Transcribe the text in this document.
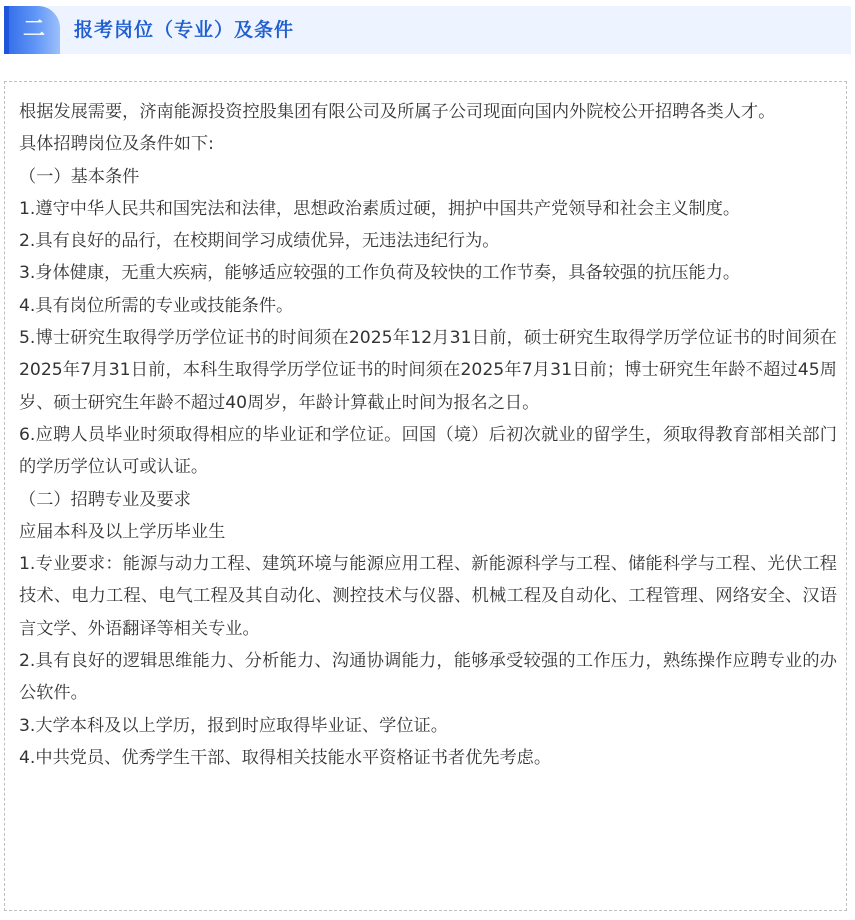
二	报考岗位（专业）及条件

根据发展需要，济南能源投资控股集团有限公司及所属子公司现面向国内外院校公开招聘各类人才。

具体招聘岗位及条件如下:

（一）基本条件

1.遵守中华人民共和国宪法和法律，思想政治素质过硬，拥护中国共产党领导和社会主义制度。

2.具有良好的品行，在校期间学习成绩优异，无违法违纪行为。

3.身体健康，无重大疾病，能够适应较强的工作负荷及较快的工作节奏，具备较强的抗压能力。

4.具有岗位所需的专业或技能条件。

5.博士研究生取得学历学位证书的时间须在2025年12月31日前，硕士研究生取得学历学位证书的时间须在2025年7月31日前，本科生取得学历学位证书的时间须在2025年7月31日前；博士研究生年龄不超过45周岁、硕士研究生年龄不超过40周岁，年龄计算截止时间为报名之日。

6.应聘人员毕业时须取得相应的毕业证和学位证。回国（境）后初次就业的留学生，须取得教育部相关部门的学历学位认可或认证。

（二）招聘专业及要求

应届本科及以上学历毕业生

1.专业要求：能源与动力工程、建筑环境与能源应用工程、新能源科学与工程、储能科学与工程、光伏工程技术、电力工程、电气工程及其自动化、测控技术与仪器、机械工程及自动化、工程管理、网络安全、汉语言文学、外语翻译等相关专业。

2.具有良好的逻辑思维能力、分析能力、沟通协调能力，能够承受较强的工作压力，熟练操作应聘专业的办公软件。

3.大学本科及以上学历，报到时应取得毕业证、学位证。

4.中共党员、优秀学生干部、取得相关技能水平资格证书者优先考虑。
